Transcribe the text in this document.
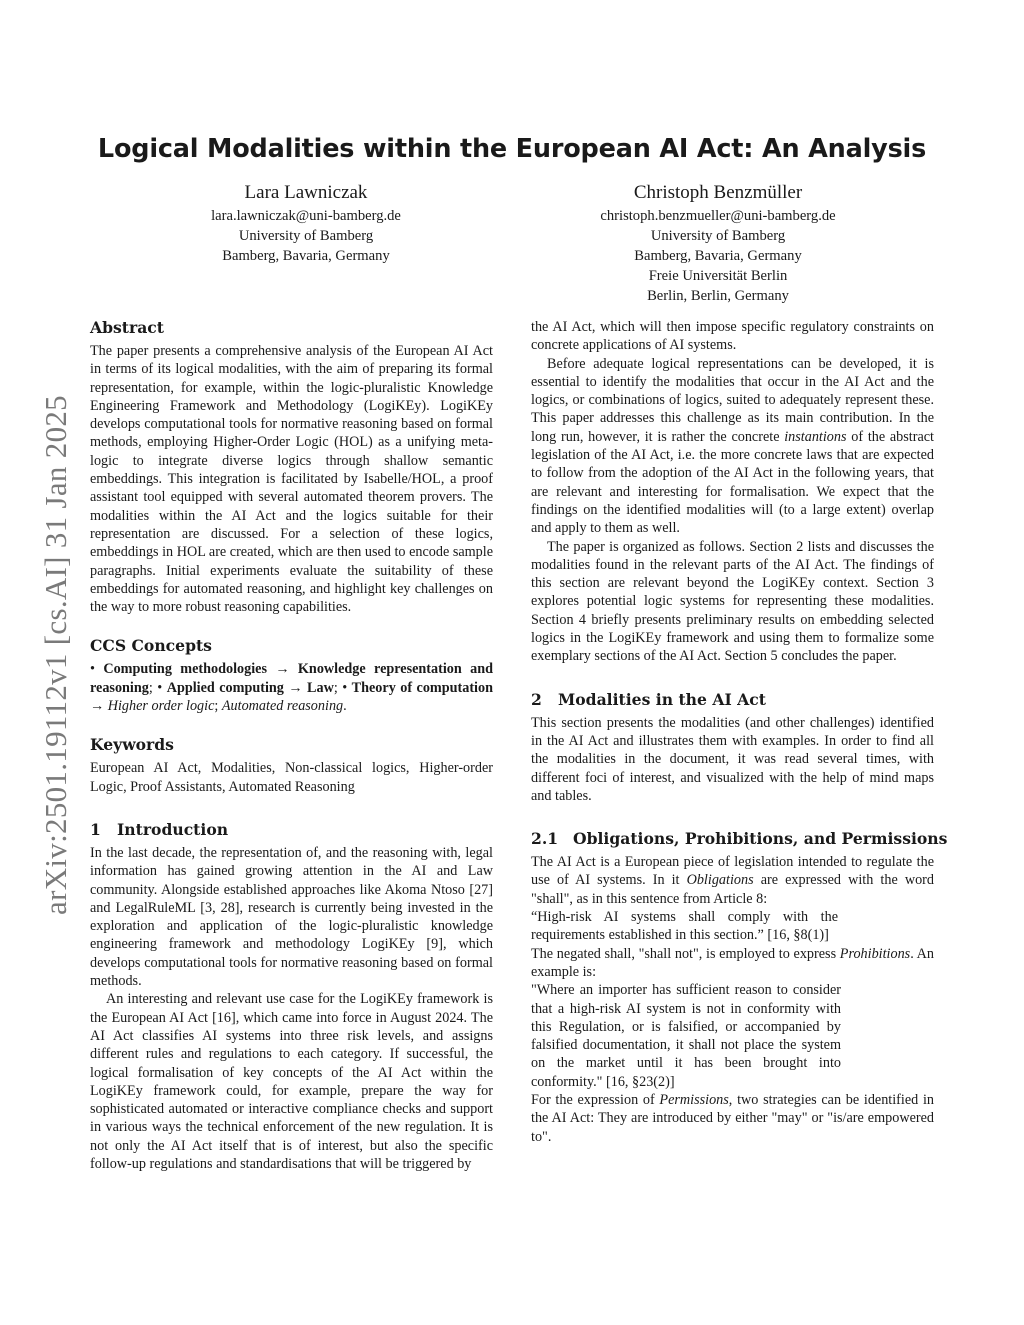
arXiv:2501.19112v1 [cs.AI] 31 Jan 2025
Logical Modalities within the European AI Act: An Analysis
Lara Lawniczak
lara.lawniczak@uni-bamberg.de
University of Bamberg
Bamberg, Bavaria, Germany
Christoph Benzmüller
christoph.benzmueller@uni-bamberg.de
University of Bamberg
Bamberg, Bavaria, Germany
Freie Universität Berlin
Berlin, Berlin, Germany
Abstract

The paper presents a comprehensive analysis of the European AI Act in terms of its logical modalities, with the aim of preparing its formal representation, for example, within the logic-pluralistic Knowledge Engineering Framework and Methodology (LogiKEy). LogiKEy develops computational tools for normative reasoning based on formal methods, employing Higher-Order Logic (HOL) as a unifying meta-logic to integrate diverse logics through shallow semantic embeddings. This integration is facilitated by Isabelle/HOL, a proof assistant tool equipped with several automated theorem provers. The modalities within the AI Act and the logics suitable for their representation are discussed. For a selection of these logics, embeddings in HOL are created, which are then used to encode sample paragraphs. Initial experiments evaluate the suitability of these embeddings for automated reasoning, and highlight key challenges on the way to more robust reasoning capabilities.

CCS Concepts

• Computing methodologies → Knowledge representation and reasoning; • Applied computing → Law; • Theory of computation → Higher order logic; Automated reasoning.

Keywords

European AI Act, Modalities, Non-classical logics, Higher-order Logic, Proof Assistants, Automated Reasoning

1 Introduction

In the last decade, the representation of, and the reasoning with, legal information has gained growing attention in the AI and Law community. Alongside established approaches like Akoma Ntoso [27] and LegalRuleML [3, 28], research is currently being invested in the exploration and application of the logic-pluralistic knowledge engineering framework and methodology LogiKEy [9], which develops computational tools for normative reasoning based on formal methods.

An interesting and relevant use case for the LogiKEy framework is the European AI Act [16], which came into force in August 2024. The AI Act classifies AI systems into three risk levels, and assigns different rules and regulations to each category. If successful, the logical formalisation of key concepts of the AI Act within the LogiKEy framework could, for example, prepare the way for sophisticated automated or interactive compliance checks and support in various ways the technical enforcement of the new regulation. It is not only the AI Act itself that is of interest, but also the specific follow-up regulations and standardisations that will be triggered by

the AI Act, which will then impose specific regulatory constraints on concrete applications of AI systems.

Before adequate logical representations can be developed, it is essential to identify the modalities that occur in the AI Act and the logics, or combinations of logics, suited to adequately represent these. This paper addresses this challenge as its main contribution. In the long run, however, it is rather the concrete instantions of the abstract legislation of the AI Act, i.e. the more concrete laws that are expected to follow from the adoption of the AI Act in the following years, that are relevant and interesting for formalisation. We expect that the findings on the identified modalities will (to a large extent) overlap and apply to them as well.

The paper is organized as follows. Section 2 lists and discusses the modalities found in the relevant parts of the AI Act. The findings of this section are relevant beyond the LogiKEy context. Section 3 explores potential logic systems for representing these modalities. Section 4 briefly presents preliminary results on embedding selected logics in the LogiKEy framework and using them to formalize some exemplary sections of the AI Act. Section 5 concludes the paper.

2 Modalities in the AI Act

This section presents the modalities (and other challenges) identified in the AI Act and illustrates them with examples. In order to find all the modalities in the document, it was read several times, with different foci of interest, and visualized with the help of mind maps and tables.

2.1 Obligations, Prohibitions, and Permissions

The AI Act is a European piece of legislation intended to regulate the use of AI systems. In it Obligations are expressed with the word "shall", as in this sentence from Article 8:

“High-risk AI systems shall comply with the requirements established in this section.” [16, §8(1)]

The negated shall, "shall not", is employed to express Prohibitions. An example is:

"Where an importer has sufficient reason to consider that a high-risk AI system is not in conformity with this Regulation, or is falsified, or accompanied by falsified documentation, it shall not place the system on the market until it has been brought into conformity." [16, §23(2)]

For the expression of Permissions, two strategies can be identified in the AI Act: They are introduced by either "may" or "is/are empowered to".
